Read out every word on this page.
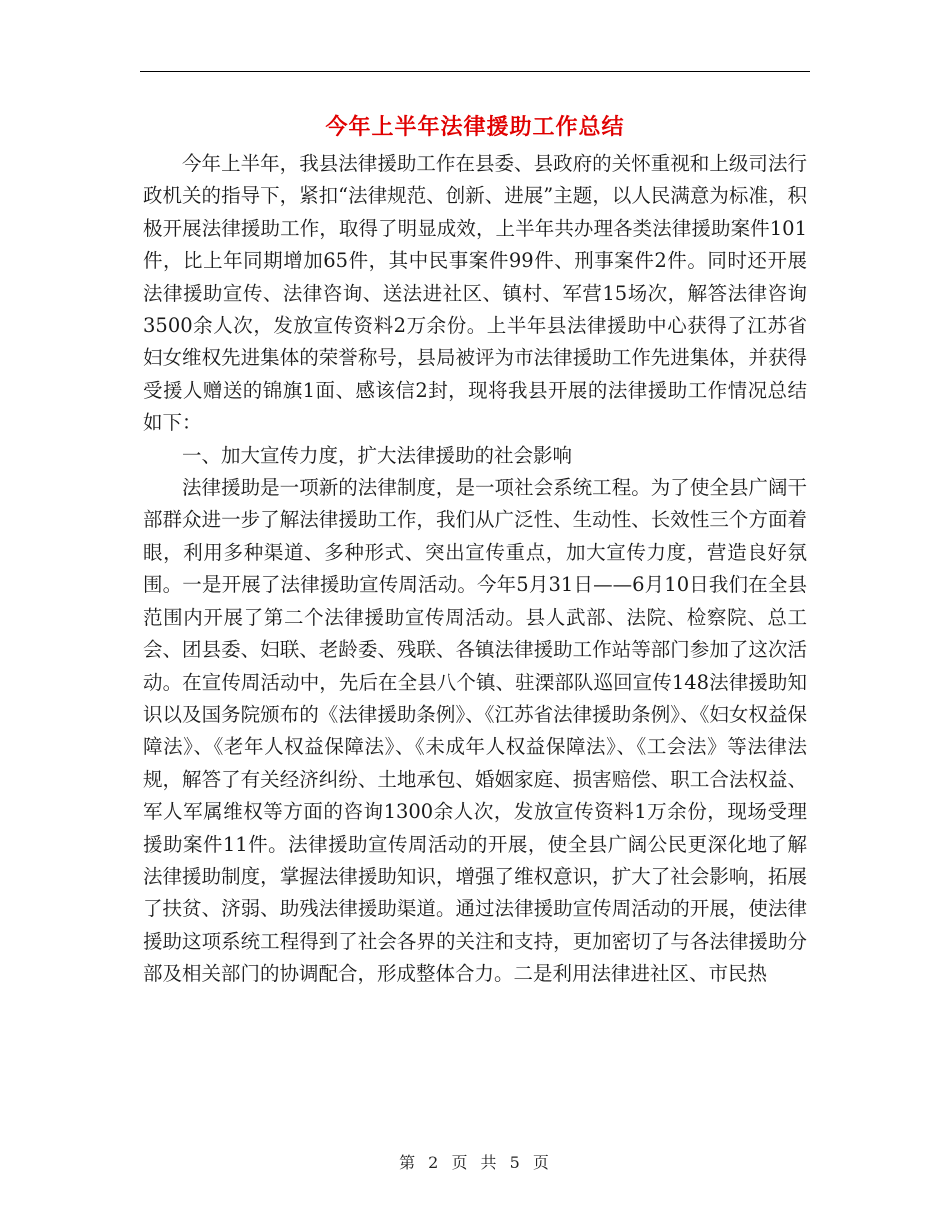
今年上半年法律援助工作总结

今年上半年，我县法律援助工作在县委、县政府的关怀重视和上级司法行政机关的指导下，紧扣“法律规范、创新、进展”主题，以人民满意为标准，积极开展法律援助工作，取得了明显成效，上半年共办理各类法律援助案件101件，比上年同期增加65件，其中民事案件99件、刑事案件2件。同时还开展法律援助宣传、法律咨询、送法进社区、镇村、军营15场次，解答法律咨询3500余人次，发放宣传资料2万余份。上半年县法律援助中心获得了江苏省妇女维权先进集体的荣誉称号，县局被评为市法律援助工作先进集体，并获得受援人赠送的锦旗1面、感该信2封，现将我县开展的法律援助工作情况总结如下：

一、加大宣传力度，扩大法律援助的社会影响

法律援助是一项新的法律制度，是一项社会系统工程。为了使全县广阔干部群众进一步了解法律援助工作，我们从广泛性、生动性、长效性三个方面着眼，利用多种渠道、多种形式、突出宣传重点，加大宣传力度，营造良好氛围。一是开展了法律援助宣传周活动。今年5月31日——6月10日我们在全县范围内开展了第二个法律援助宣传周活动。县人武部、法院、检察院、总工会、团县委、妇联、老龄委、残联、各镇法律援助工作站等部门参加了这次活动。在宣传周活动中，先后在全县八个镇、驻溧部队巡回宣传148法律援助知识以及国务院颁布的《法律援助条例》、《江苏省法律援助条例》、《妇女权益保障法》、《老年人权益保障法》、《未成年人权益保障法》、《工会法》等法律法规，解答了有关经济纠纷、土地承包、婚姻家庭、损害赔偿、职工合法权益、军人军属维权等方面的咨询1300余人次，发放宣传资料1万余份，现场受理援助案件11件。法律援助宣传周活动的开展，使全县广阔公民更深化地了解法律援助制度，掌握法律援助知识，增强了维权意识，扩大了社会影响，拓展了扶贫、济弱、助残法律援助渠道。通过法律援助宣传周活动的开展，使法律援助这项系统工程得到了社会各界的关注和支持，更加密切了与各法律援助分部及相关部门的协调配合，形成整体合力。二是利用法律进社区、市民热

第 2 页 共 5 页
